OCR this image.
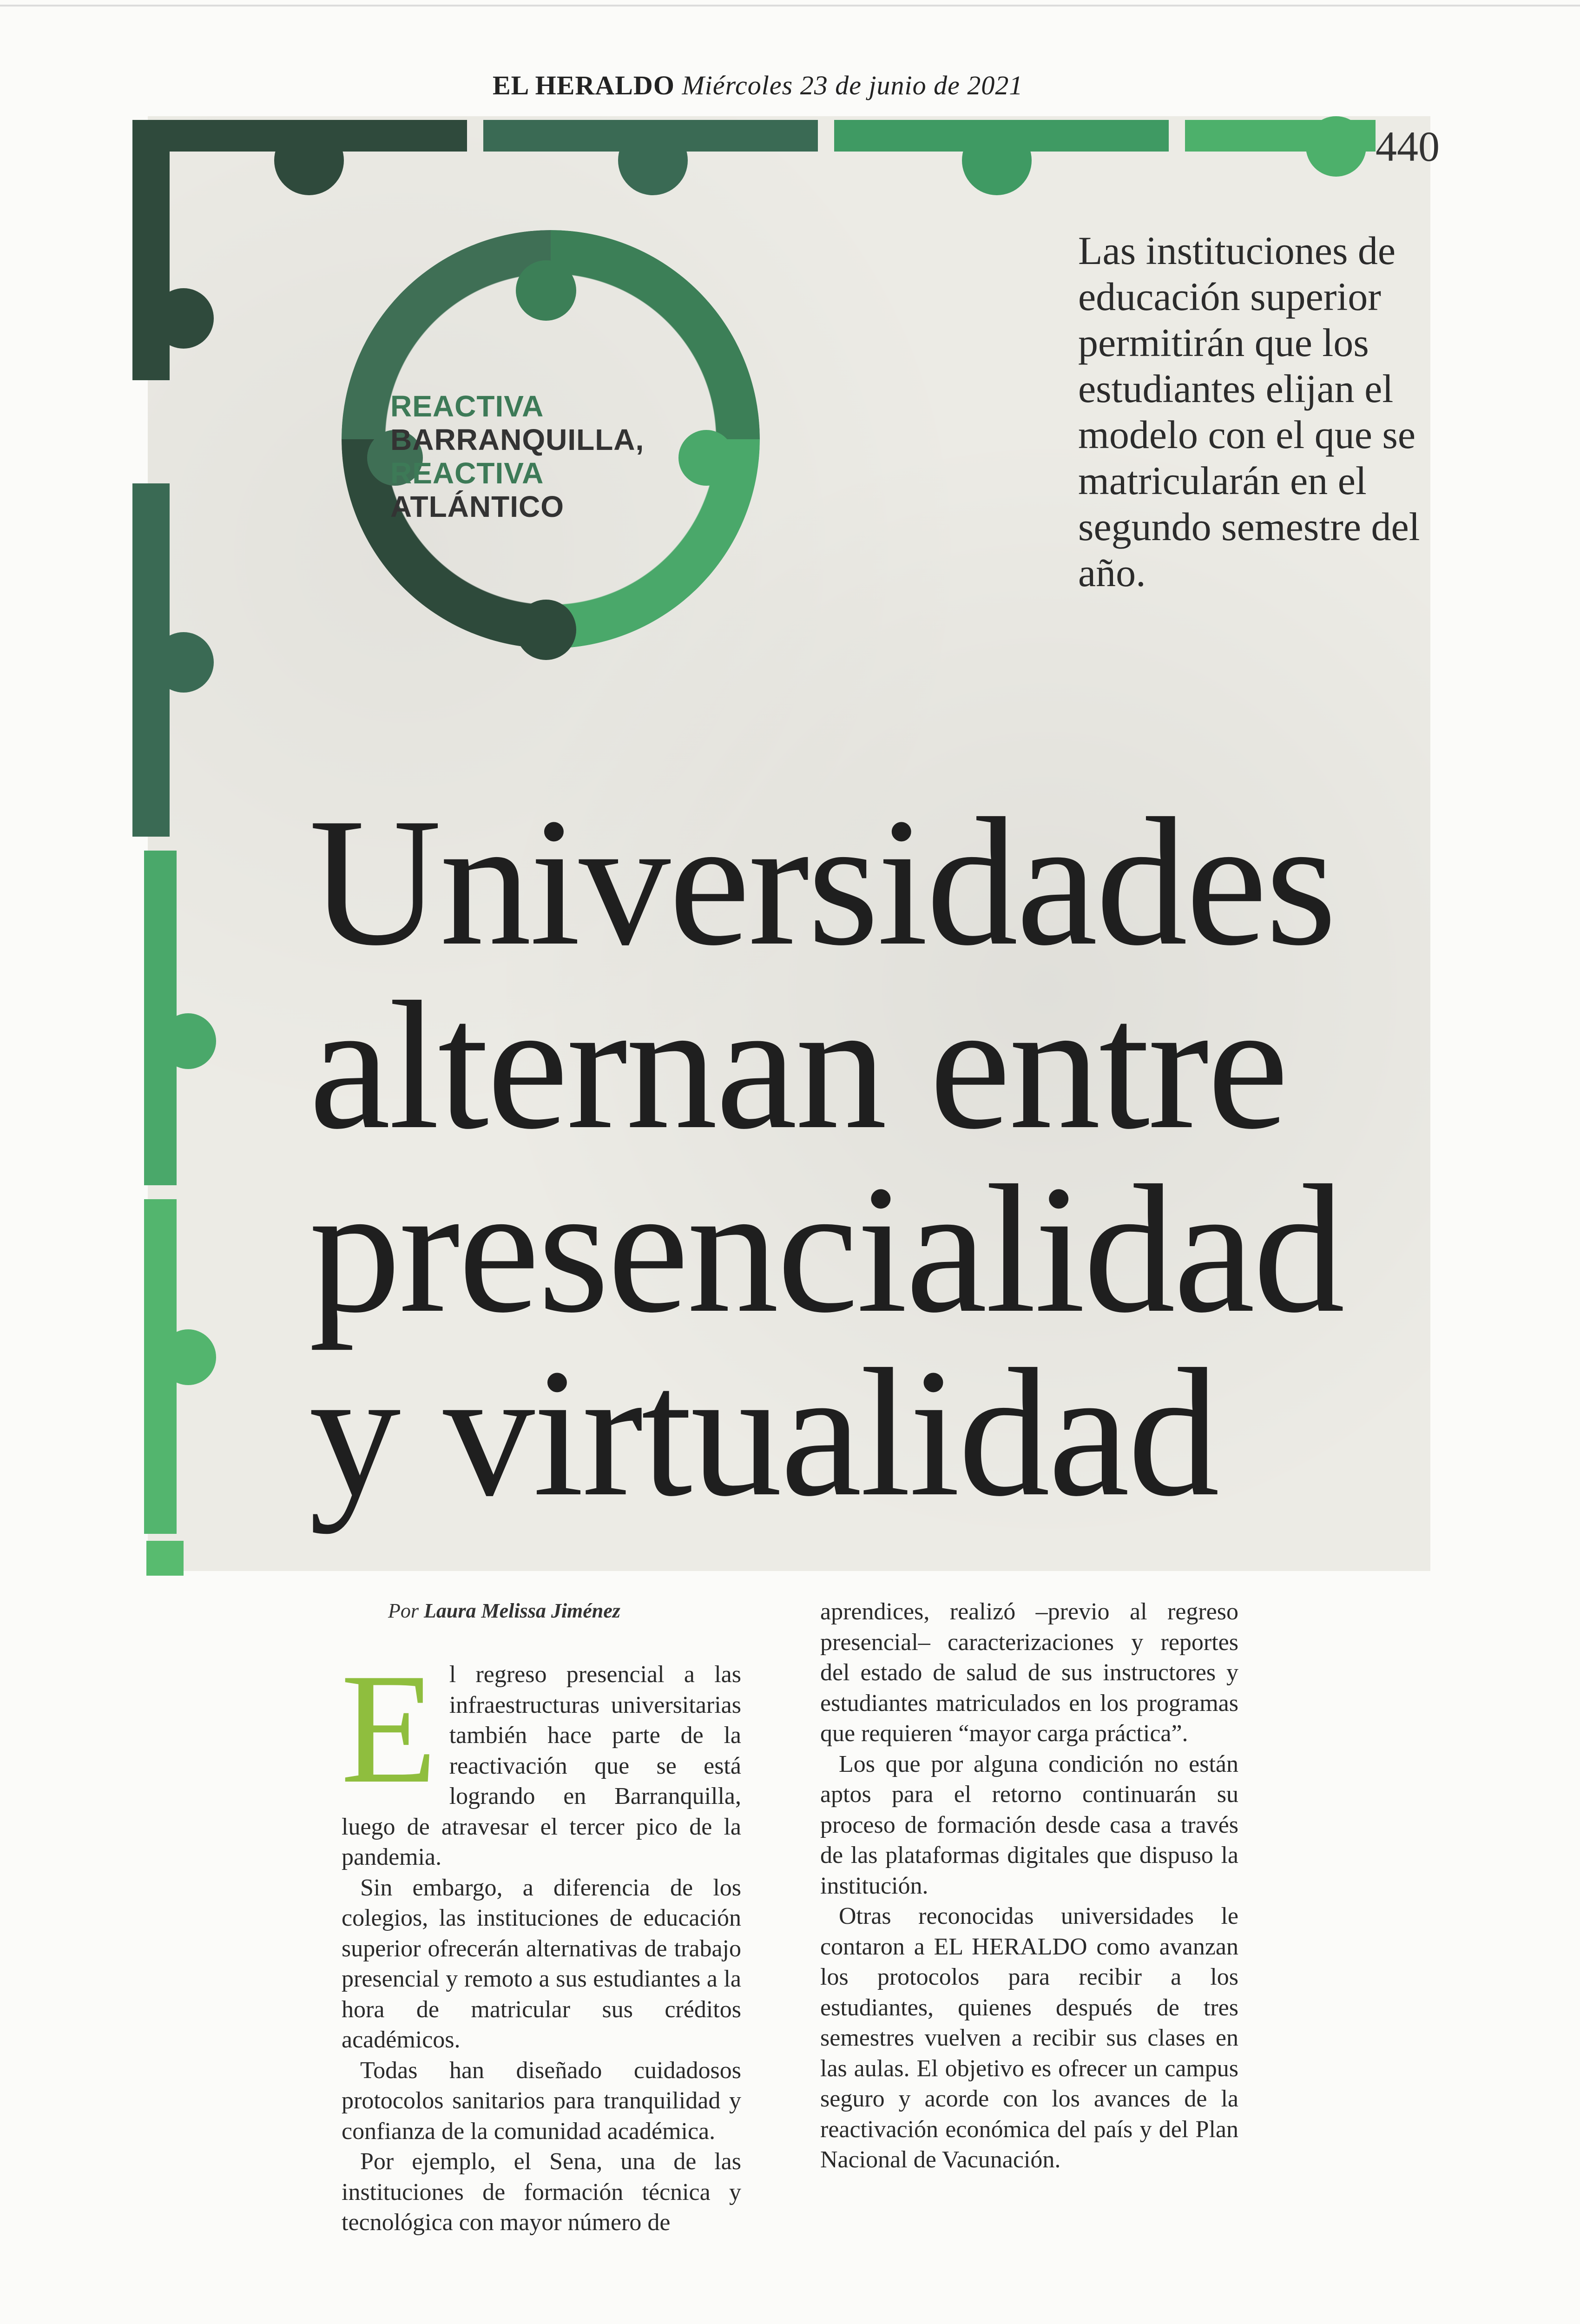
EL HERALDO Miércoles 23 de junio de 2021
440
REACTIVA
BARRANQUILLA,
REACTIVA
ATLÁNTICO
Las instituciones de educación superior permitirán que los estudiantes elijan el modelo con el que se matricularán en el segundo semestre del año.
Universidades
alternan entre
presencialidad
y virtualidad
Por Laura Melissa Jiménez

E l regreso presencial a las infraestructuras universitarias también hace parte de la reactivación que se está logrando en Barranquilla, luego de atravesar el tercer pico de la pandemia.

Sin embargo, a diferencia de los colegios, las instituciones de educación superior ofrecerán alternativas de trabajo presencial y remoto a sus estudiantes a la hora de matricular sus créditos académicos.

Todas han diseñado cuidadosos protocolos sanitarios para tranquilidad y confianza de la comunidad académica.

Por ejemplo, el Sena, una de las instituciones de formación técnica y tecnológica con mayor número de

aprendices, realizó –previo al regreso presencial– caracterizaciones y reportes del estado de salud de sus instructores y estudiantes matriculados en los programas que requieren “mayor carga práctica”.

Los que por alguna condición no están aptos para el retorno continuarán su proceso de formación desde casa a través de las plataformas digitales que dispuso la institución.

Otras reconocidas universidades le contaron a EL HERALDO como avanzan los protocolos para recibir a los estudiantes, quienes después de tres semestres vuelven a recibir sus clases en las aulas. El objetivo es ofrecer un campus seguro y acorde con los avances de la reactivación económica del país y del Plan Nacional de Vacunación.
